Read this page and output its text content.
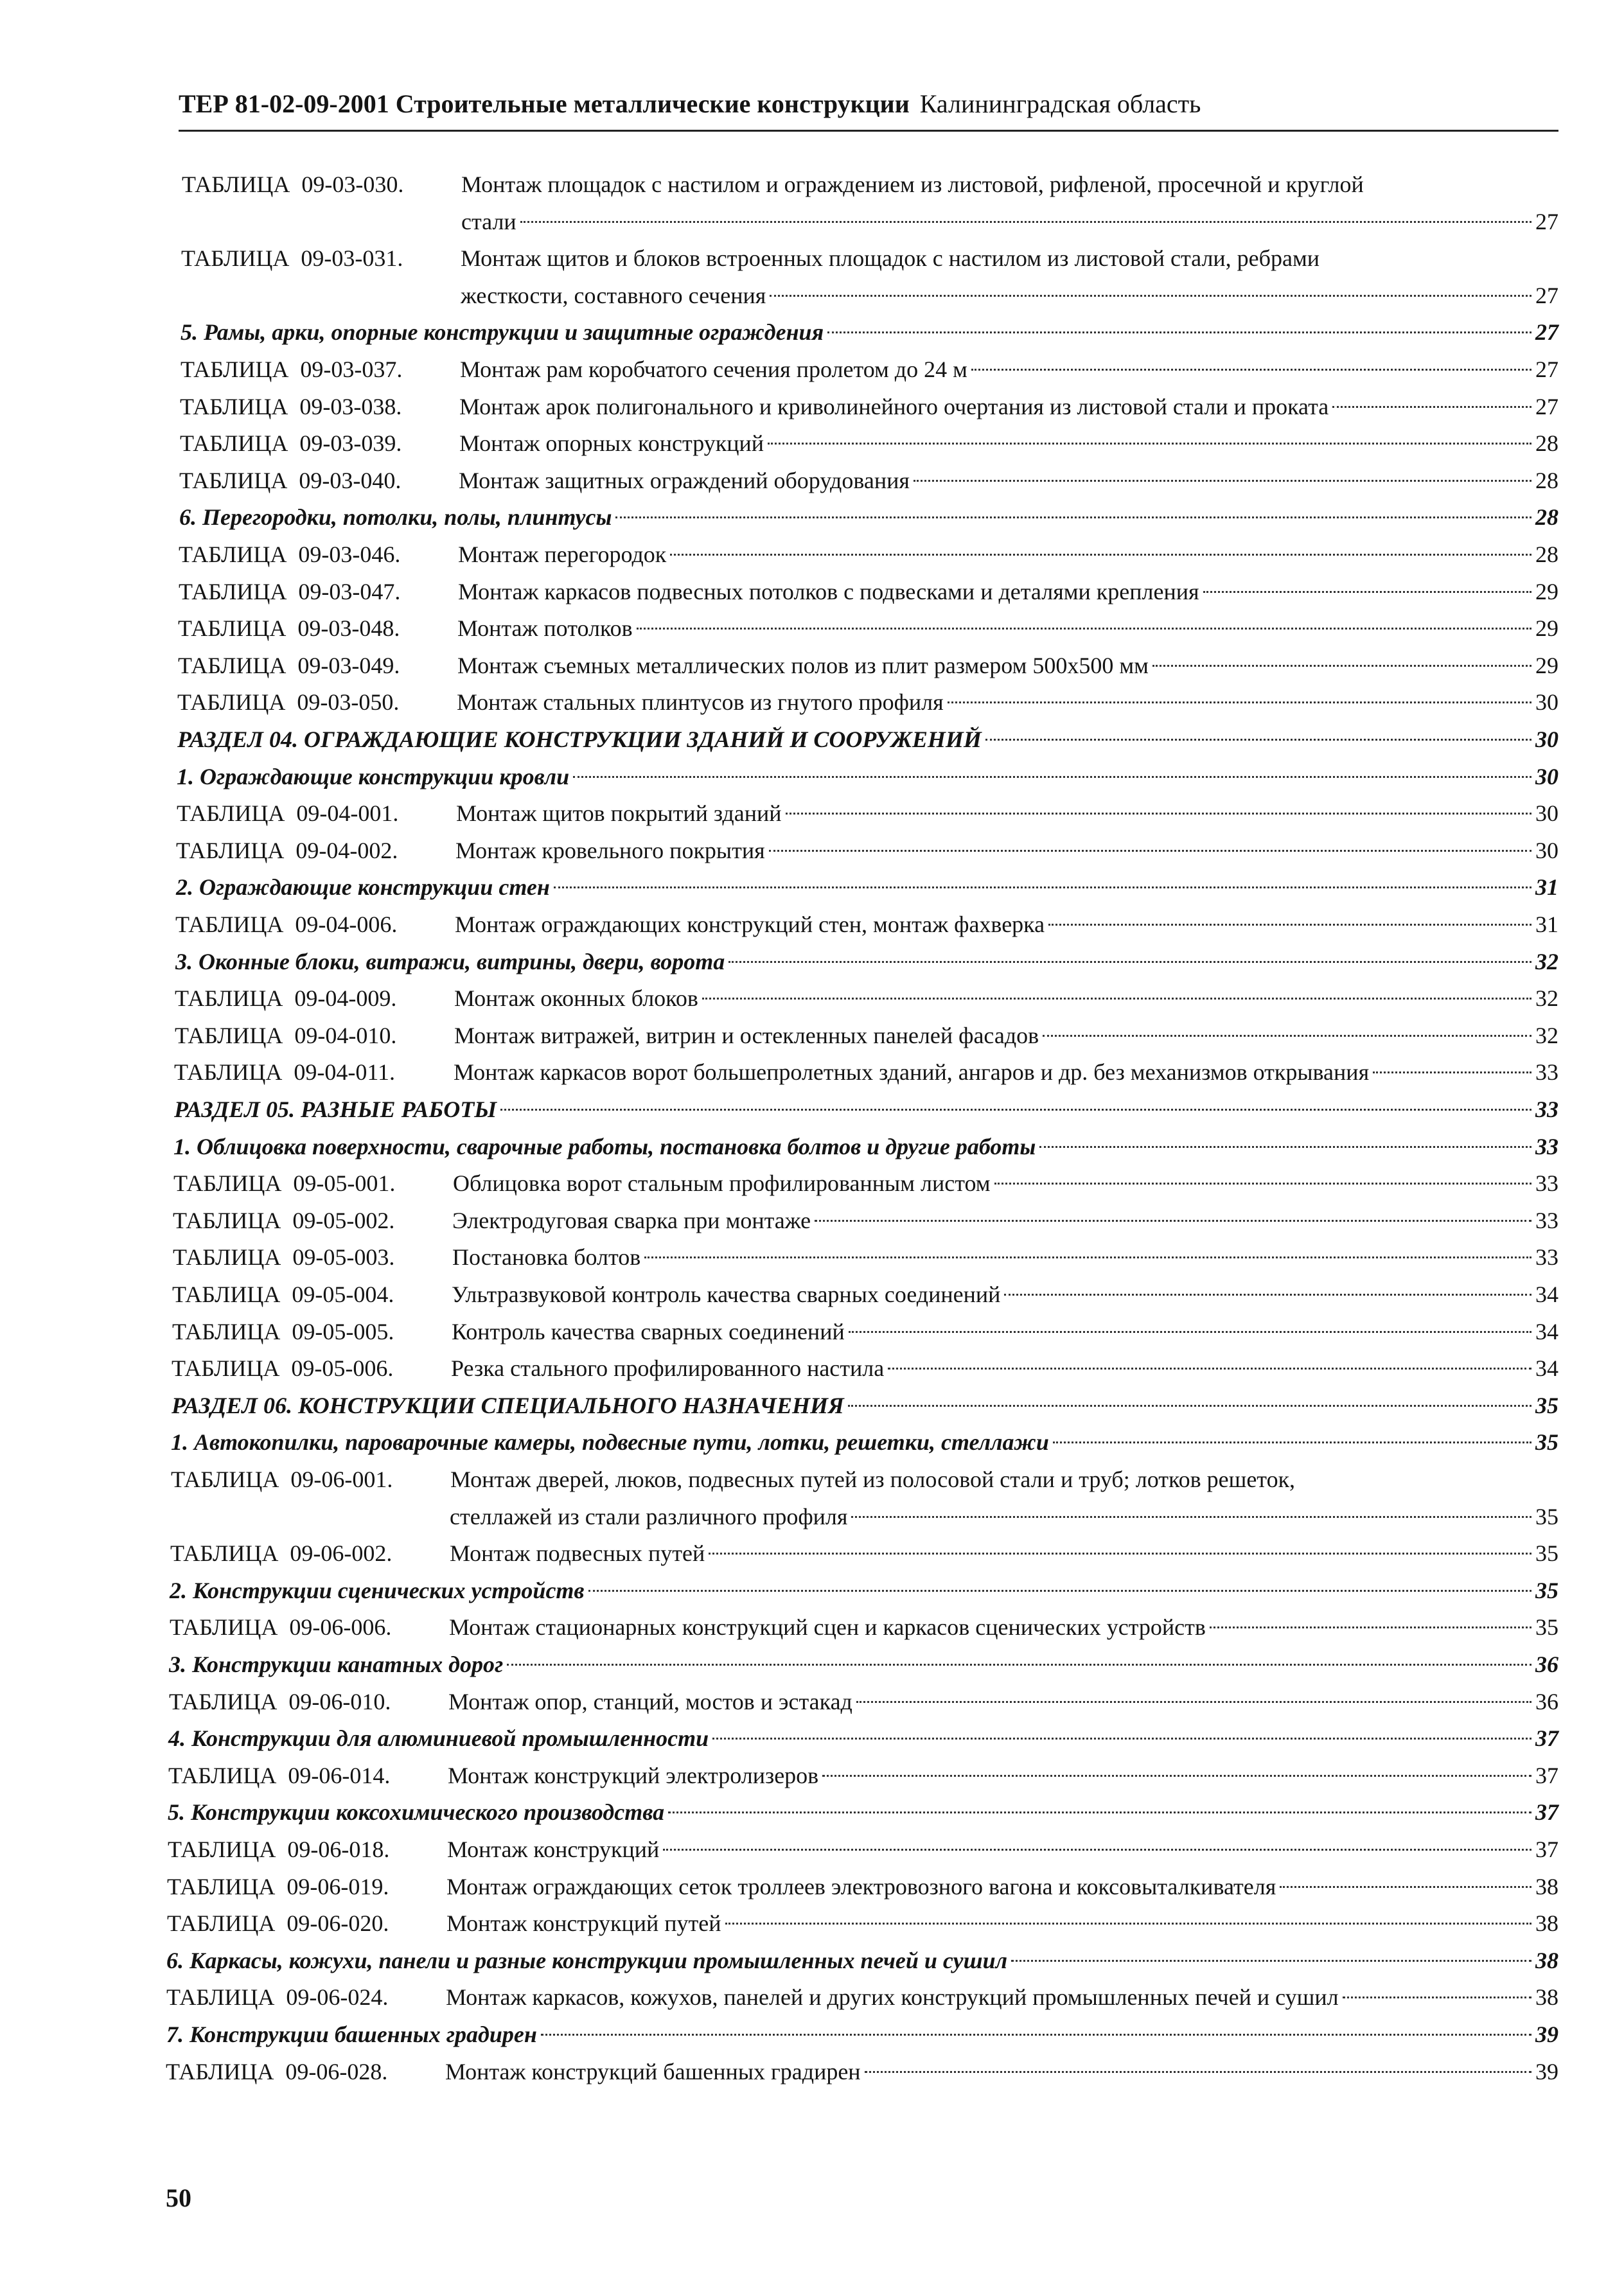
ТЕР 81-02-09-2001 Строительные металлические конструкции Калининградская область
ТАБЛИЦА  09-03-030.	Монтаж площадок с настилом и ограждением из листовой, рифленой, просечной и круглой
стали	27
ТАБЛИЦА  09-03-031.	Монтаж щитов и блоков встроенных площадок с настилом из листовой стали, ребрами
жесткости, составного сечения	27
5. Рамы, арки, опорные конструкции и защитные ограждения	27
ТАБЛИЦА  09-03-037.	Монтаж рам коробчатого сечения пролетом до 24 м	27
ТАБЛИЦА  09-03-038.	Монтаж арок полигонального и криволинейного очертания из листовой стали и проката	27
ТАБЛИЦА  09-03-039.	Монтаж опорных конструкций	28
ТАБЛИЦА  09-03-040.	Монтаж защитных ограждений оборудования	28
6. Перегородки, потолки, полы, плинтусы	28
ТАБЛИЦА  09-03-046.	Монтаж перегородок	28
ТАБЛИЦА  09-03-047.	Монтаж каркасов подвесных потолков с подвесками и деталями крепления	29
ТАБЛИЦА  09-03-048.	Монтаж потолков	29
ТАБЛИЦА  09-03-049.	Монтаж съемных металлических полов из плит размером 500x500 мм	29
ТАБЛИЦА  09-03-050.	Монтаж стальных плинтусов из гнутого профиля	30
РАЗДЕЛ 04. ОГРАЖДАЮЩИЕ КОНСТРУКЦИИ ЗДАНИЙ И СООРУЖЕНИЙ	30
1. Ограждающие конструкции кровли	30
ТАБЛИЦА  09-04-001.	Монтаж щитов покрытий зданий	30
ТАБЛИЦА  09-04-002.	Монтаж кровельного покрытия	30
2. Ограждающие конструкции стен	31
ТАБЛИЦА  09-04-006.	Монтаж ограждающих конструкций стен, монтаж фахверка	31
3. Оконные блоки, витражи, витрины, двери, ворота	32
ТАБЛИЦА  09-04-009.	Монтаж оконных блоков	32
ТАБЛИЦА  09-04-010.	Монтаж витражей, витрин и остекленных панелей фасадов	32
ТАБЛИЦА  09-04-011.	Монтаж каркасов ворот большепролетных зданий, ангаров и др. без механизмов открывания	33
РАЗДЕЛ 05. РАЗНЫЕ РАБОТЫ	33
1. Облицовка поверхности, сварочные работы, постановка болтов и другие работы	33
ТАБЛИЦА  09-05-001.	Облицовка ворот стальным профилированным листом	33
ТАБЛИЦА  09-05-002.	Электродуговая сварка при монтаже	33
ТАБЛИЦА  09-05-003.	Постановка болтов	33
ТАБЛИЦА  09-05-004.	Ультразвуковой контроль качества сварных соединений	34
ТАБЛИЦА  09-05-005.	Контроль качества сварных соединений	34
ТАБЛИЦА  09-05-006.	Резка стального профилированного настила	34
РАЗДЕЛ 06. КОНСТРУКЦИИ СПЕЦИАЛЬНОГО НАЗНАЧЕНИЯ	35
1. Автокопилки, пароварочные камеры, подвесные пути, лотки, решетки, стеллажи	35
ТАБЛИЦА  09-06-001.	Монтаж дверей, люков, подвесных путей из полосовой стали и труб; лотков решеток,
стеллажей из стали различного профиля	35
ТАБЛИЦА  09-06-002.	Монтаж подвесных путей	35
2. Конструкции сценических устройств	35
ТАБЛИЦА  09-06-006.	Монтаж стационарных конструкций сцен и каркасов сценических устройств	35
3. Конструкции канатных дорог	36
ТАБЛИЦА  09-06-010.	Монтаж опор, станций, мостов и эстакад	36
4. Конструкции для алюминиевой промышленности	37
ТАБЛИЦА  09-06-014.	Монтаж конструкций электролизеров	37
5. Конструкции коксохимического производства	37
ТАБЛИЦА  09-06-018.	Монтаж конструкций	37
ТАБЛИЦА  09-06-019.	Монтаж ограждающих сеток троллеев электровозного вагона и коксовыталкивателя	38
ТАБЛИЦА  09-06-020.	Монтаж конструкций путей	38
6. Каркасы, кожухи, панели и разные конструкции промышленных печей и сушил	38
ТАБЛИЦА  09-06-024.	Монтаж каркасов, кожухов, панелей и других конструкций промышленных печей и сушил	38
7. Конструкции башенных градирен	39
ТАБЛИЦА  09-06-028.	Монтаж конструкций башенных градирен	39
50
